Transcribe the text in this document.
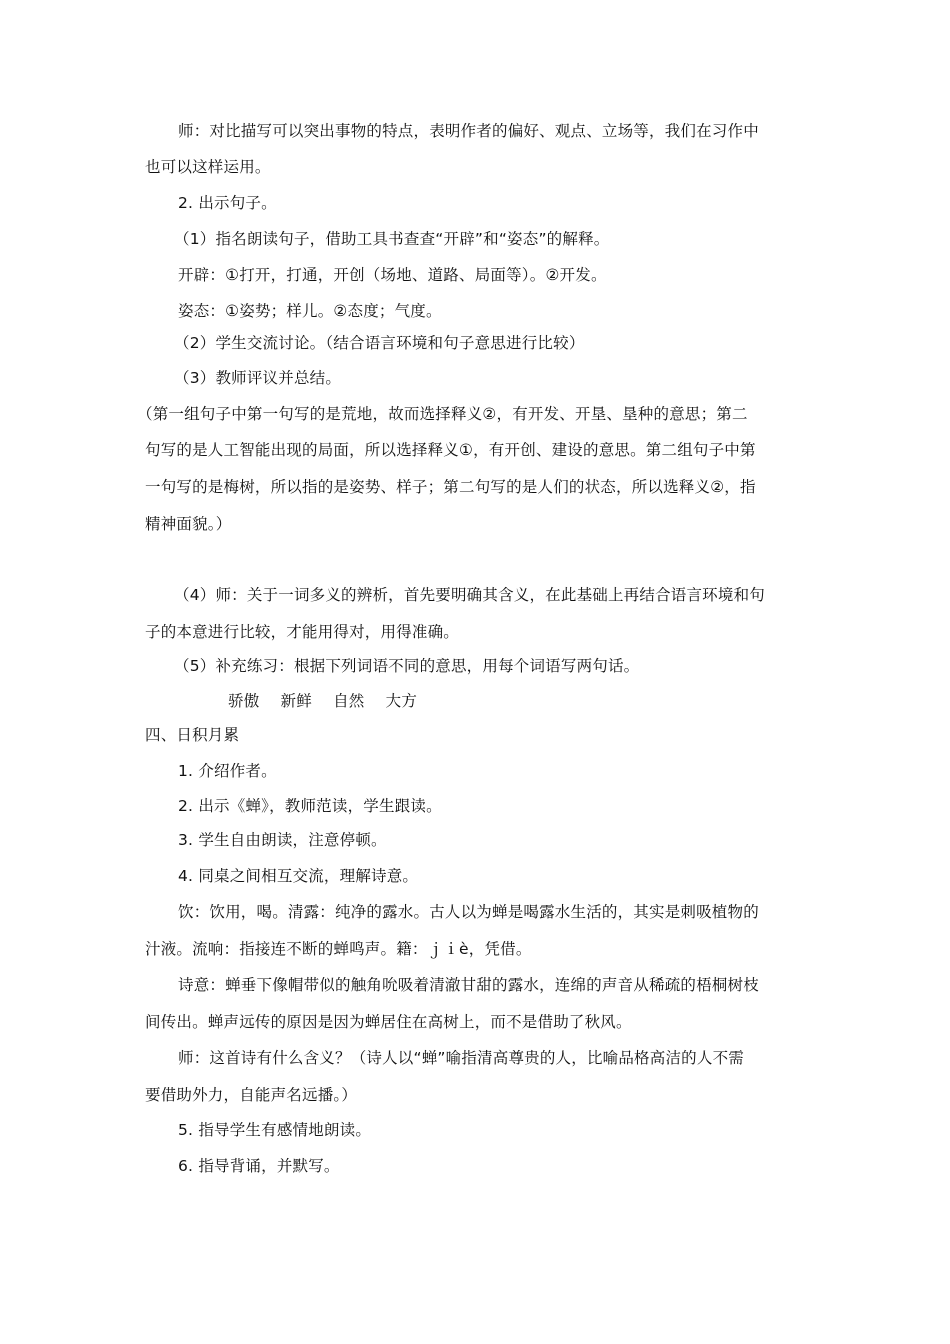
师：对比描写可以突出事物的特点，表明作者的偏好、观点、立场等，我们在习作中
也可以这样运用。
2. 出示句子。
（1）指名朗读句子，借助工具书查查“开辟”和“姿态”的解释。
开辟：①打开，打通，开创（场地、道路、局面等）。②开发。
姿态：①姿势；样儿。②态度；气度。
（2）学生交流讨论。（结合语言环境和句子意思进行比较）
（3）教师评议并总结。
（第一组句子中第一句写的是荒地，故而选择释义②，有开发、开垦、垦种的意思；第二
句写的是人工智能出现的局面，所以选择释义①，有开创、建设的意思。第二组句子中第
一句写的是梅树，所以指的是姿势、样子；第二句写的是人们的状态，所以选释义②，指
精神面貌。）
（4）师：关于一词多义的辨析，首先要明确其含义，在此基础上再结合语言环境和句
子的本意进行比较，才能用得对，用得准确。
（5）补充练习：根据下列词语不同的意思，用每个词语写两句话。
骄傲 新鲜 自然 大方
四、日积月累
1. 介绍作者。
2. 出示《蝉》，教师范读，学生跟读。
3. 学生自由朗读，注意停顿。
4. 同桌之间相互交流，理解诗意。
饮：饮用，喝。清露：纯净的露水。古人以为蝉是喝露水生活的，其实是刺吸植物的
汁液。流响：指接连不断的蝉鸣声。籍：ｊｉè，凭借。
诗意：蝉垂下像帽带似的触角吮吸着清澈甘甜的露水，连绵的声音从稀疏的梧桐树枝
间传出。蝉声远传的原因是因为蝉居住在高树上，而不是借助了秋风。
师：这首诗有什么含义？（诗人以“蝉”喻指清高尊贵的人，比喻品格高洁的人不需
要借助外力，自能声名远播。）
5. 指导学生有感情地朗读。
6. 指导背诵，并默写。
